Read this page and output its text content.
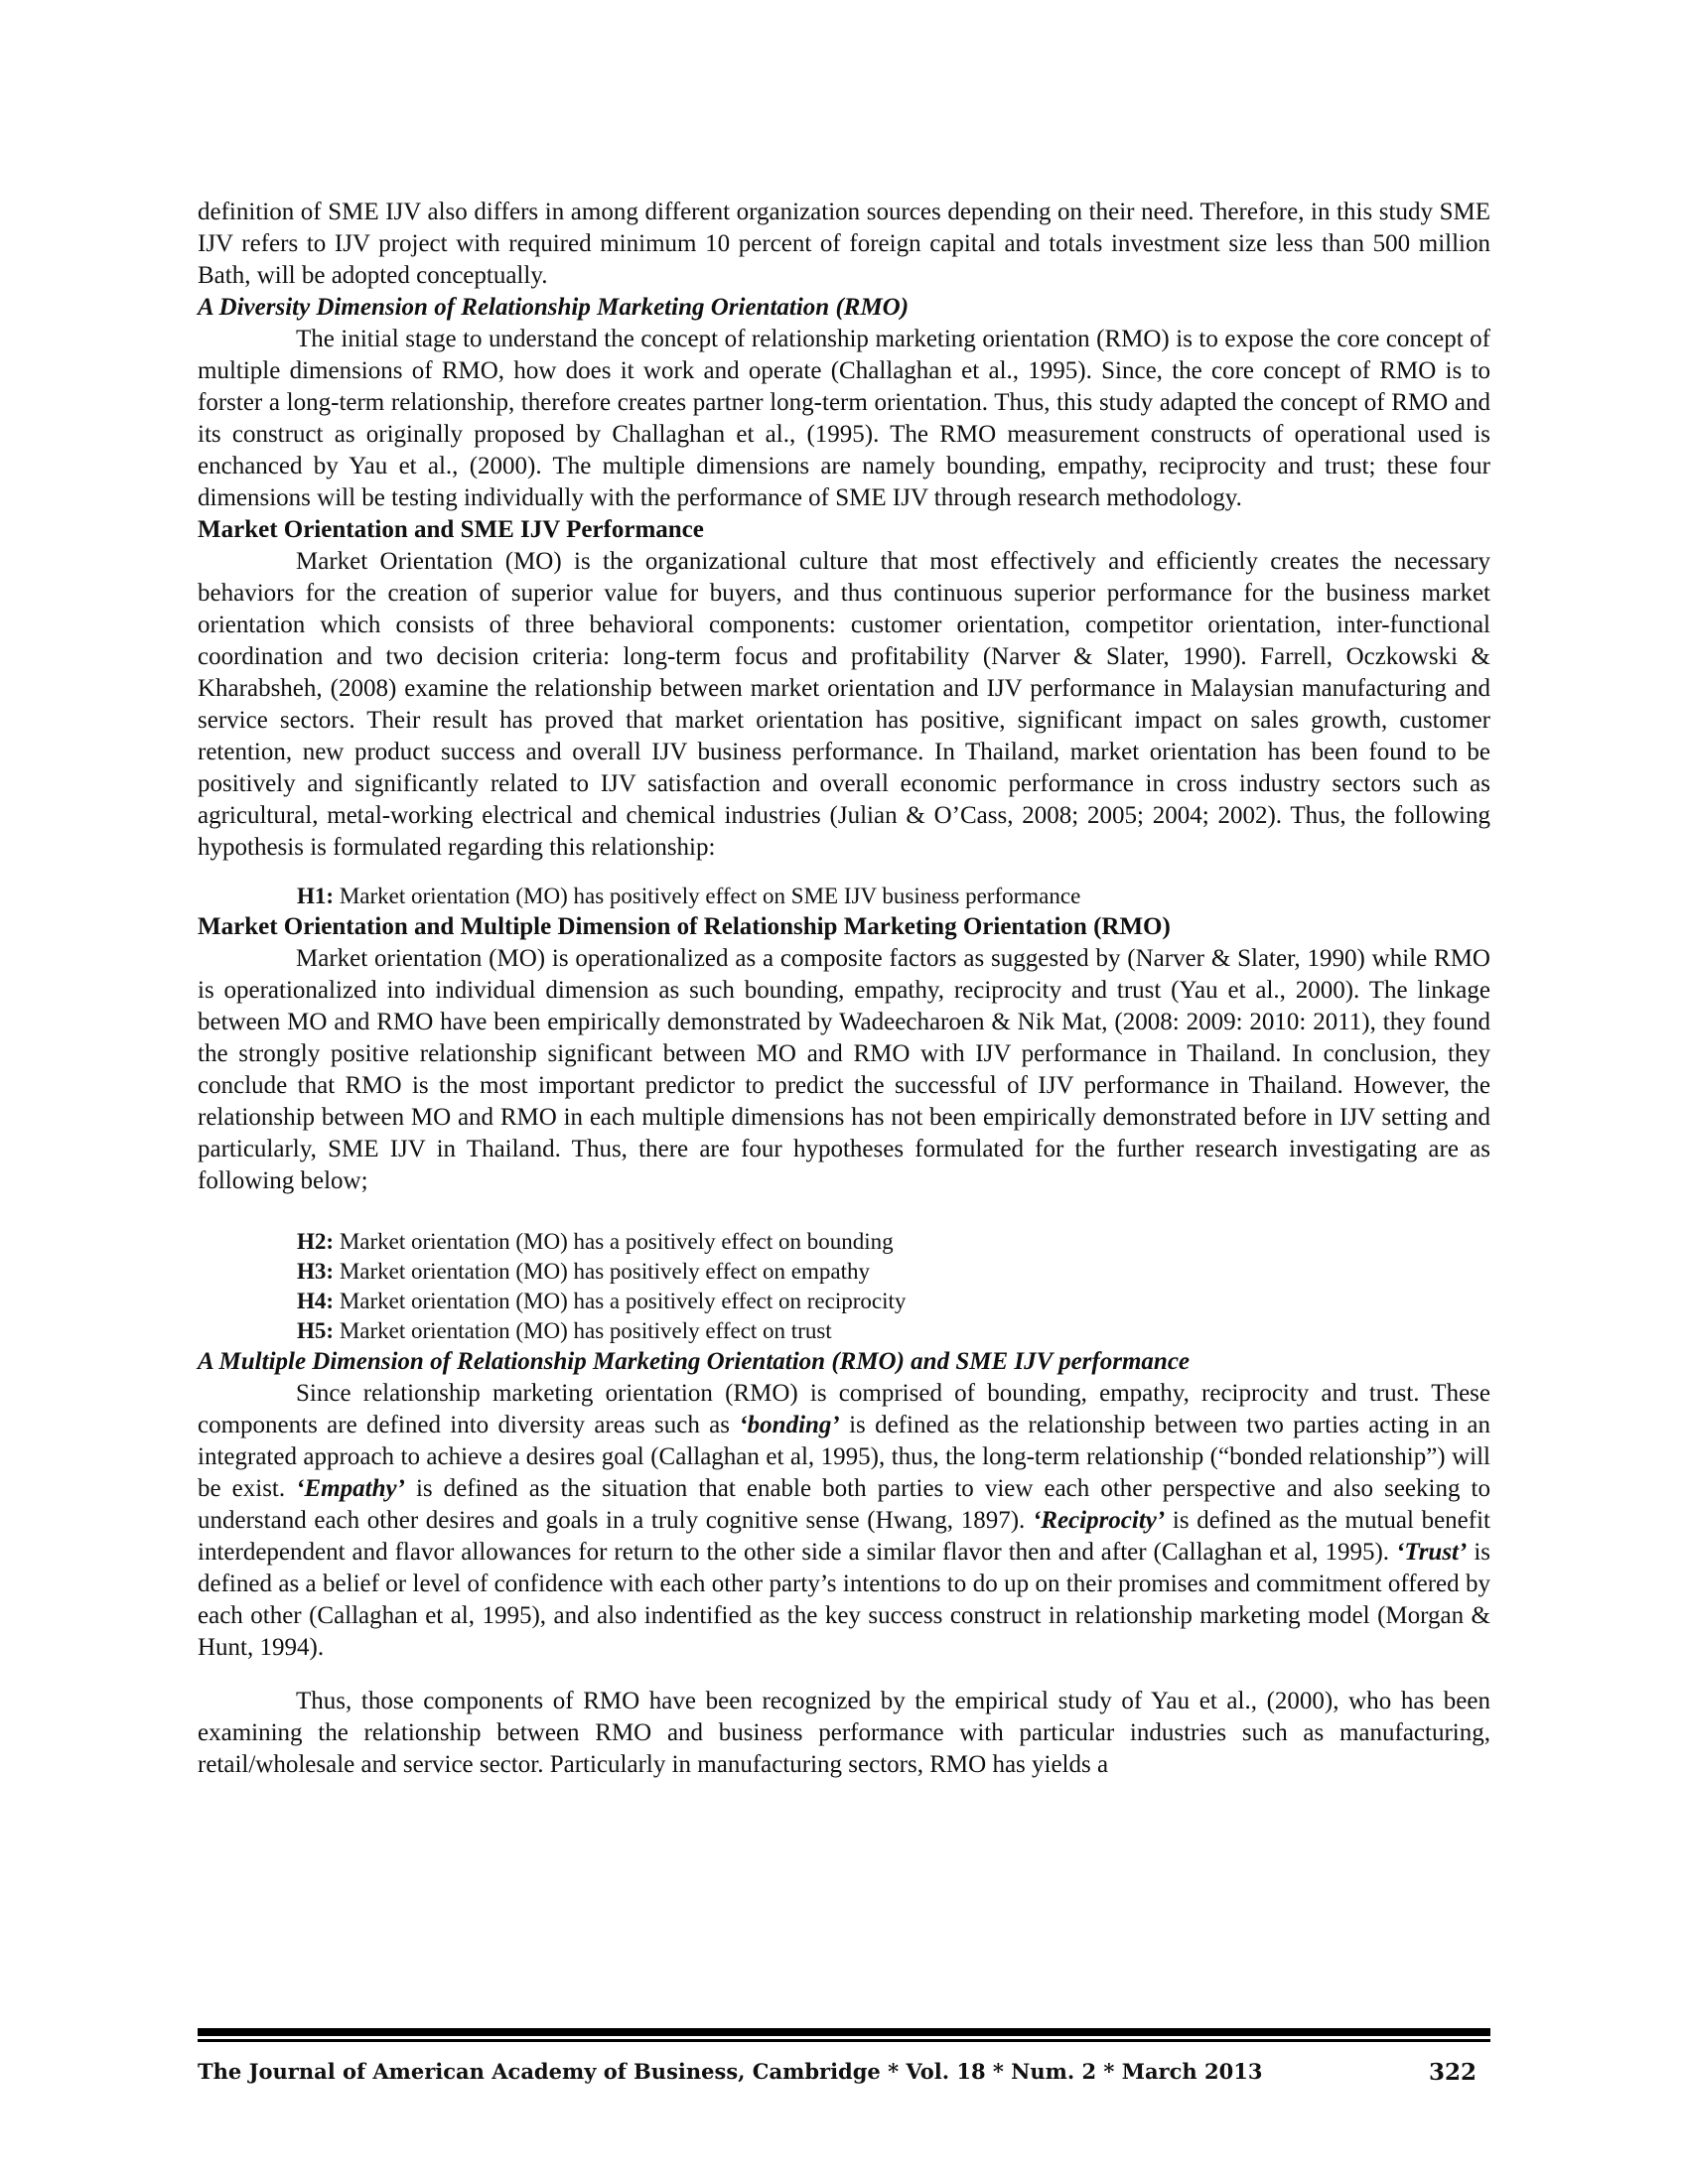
definition of SME IJV also differs in among different organization sources depending on their need. Therefore, in this study SME IJV refers to IJV project with required minimum 10 percent of foreign capital and totals investment size less than 500 million Bath, will be adopted conceptually.

A Diversity Dimension of Relationship Marketing Orientation (RMO)

The initial stage to understand the concept of relationship marketing orientation (RMO) is to expose the core concept of multiple dimensions of RMO, how does it work and operate (Challaghan et al., 1995). Since, the core concept of RMO is to forster a long-term relationship, therefore creates partner long-term orientation. Thus, this study adapted the concept of RMO and its construct as originally proposed by Challaghan et al., (1995). The RMO measurement constructs of operational used is enchanced by Yau et al., (2000). The multiple dimensions are namely bounding, empathy, reciprocity and trust; these four dimensions will be testing individually with the performance of SME IJV through research methodology.

Market Orientation and SME IJV Performance

Market Orientation (MO) is the organizational culture that most effectively and efficiently creates the necessary behaviors for the creation of superior value for buyers, and thus continuous superior performance for the business market orientation which consists of three behavioral components: customer orientation, competitor orientation, inter-functional coordination and two decision criteria: long-term focus and profitability (Narver & Slater, 1990). Farrell, Oczkowski & Kharabsheh, (2008) examine the relationship between market orientation and IJV performance in Malaysian manufacturing and service sectors. Their result has proved that market orientation has positive, significant impact on sales growth, customer retention, new product success and overall IJV business performance. In Thailand, market orientation has been found to be positively and significantly related to IJV satisfaction and overall economic performance in cross industry sectors such as agricultural, metal-working electrical and chemical industries (Julian & O’Cass, 2008; 2005; 2004; 2002). Thus, the following hypothesis is formulated regarding this relationship:

H1: Market orientation (MO) has positively effect on SME IJV business performance

Market Orientation and Multiple Dimension of Relationship Marketing Orientation (RMO)

Market orientation (MO) is operationalized as a composite factors as suggested by (Narver & Slater, 1990) while RMO is operationalized into individual dimension as such bounding, empathy, reciprocity and trust (Yau et al., 2000). The linkage between MO and RMO have been empirically demonstrated by Wadeecharoen & Nik Mat, (2008: 2009: 2010: 2011), they found the strongly positive relationship significant between MO and RMO with IJV performance in Thailand. In conclusion, they conclude that RMO is the most important predictor to predict the successful of IJV performance in Thailand. However, the relationship between MO and RMO in each multiple dimensions has not been empirically demonstrated before in IJV setting and particularly, SME IJV in Thailand. Thus, there are four hypotheses formulated for the further research investigating are as following below;

H2: Market orientation (MO) has a positively effect on bounding

H3: Market orientation (MO) has positively effect on empathy

H4: Market orientation (MO) has a positively effect on reciprocity

H5: Market orientation (MO) has positively effect on trust

A Multiple Dimension of Relationship Marketing Orientation (RMO) and SME IJV performance

Since relationship marketing orientation (RMO) is comprised of bounding, empathy, reciprocity and trust. These components are defined into diversity areas such as ‘bonding’ is defined as the relationship between two parties acting in an integrated approach to achieve a desires goal (Callaghan et al, 1995), thus, the long-term relationship (“bonded relationship”) will be exist. ‘Empathy’ is defined as the situation that enable both parties to view each other perspective and also seeking to understand each other desires and goals in a truly cognitive sense (Hwang, 1897). ‘Reciprocity’ is defined as the mutual benefit interdependent and flavor allowances for return to the other side a similar flavor then and after (Callaghan et al, 1995). ‘Trust’ is defined as a belief or level of confidence with each other party’s intentions to do up on their promises and commitment offered by each other (Callaghan et al, 1995), and also indentified as the key success construct in relationship marketing model (Morgan & Hunt, 1994).

Thus, those components of RMO have been recognized by the empirical study of Yau et al., (2000), who has been examining the relationship between RMO and business performance with particular industries such as manufacturing, retail/wholesale and service sector. Particularly in manufacturing sectors, RMO has yields a

The Journal of American Academy of Business, Cambridge * Vol. 18 * Num. 2 * March 2013	322
